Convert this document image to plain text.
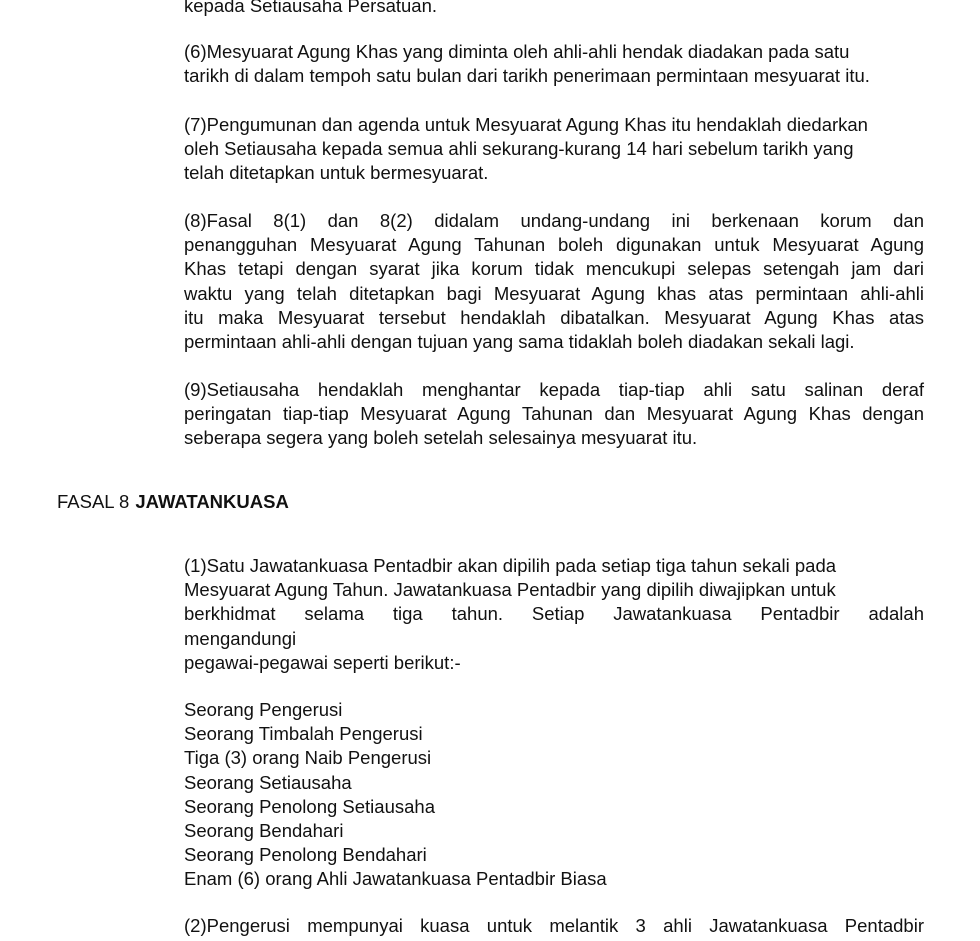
kepada Setiausaha Persatuan.
(6)Mesyuarat Agung Khas yang diminta oleh ahli-ahli hendak diadakan pada satu
tarikh di dalam tempoh satu bulan dari tarikh penerimaan permintaan mesyuarat itu.
(7)Pengumunan dan agenda untuk Mesyuarat Agung Khas itu hendaklah diedarkan
oleh Setiausaha kepada semua ahli sekurang-kurang 14 hari sebelum tarikh yang
telah ditetapkan untuk bermesyuarat.
(8)Fasal 8(1) dan 8(2) didalam undang-undang ini berkenaan korum dan
penangguhan Mesyuarat Agung Tahunan boleh digunakan untuk Mesyuarat Agung
Khas tetapi dengan syarat jika korum tidak mencukupi selepas setengah jam dari
waktu yang telah ditetapkan bagi Mesyuarat Agung khas atas permintaan ahli-ahli
itu maka Mesyuarat tersebut hendaklah dibatalkan. Mesyuarat Agung Khas atas
permintaan ahli-ahli dengan tujuan yang sama tidaklah boleh diadakan sekali lagi.
(9)Setiausaha hendaklah menghantar kepada tiap-tiap ahli satu salinan deraf
peringatan tiap-tiap Mesyuarat Agung Tahunan dan Mesyuarat Agung Khas dengan
seberapa segera yang boleh setelah selesainya mesyuarat itu.
FASAL 8 JAWATANKUASA
(1)Satu Jawatankuasa Pentadbir akan dipilih pada setiap tiga tahun sekali pada
Mesyuarat Agung Tahun. Jawatankuasa Pentadbir yang dipilih diwajipkan untuk
berkhidmat selama tiga tahun. Setiap Jawatankuasa Pentadbir adalah
mengandungi
pegawai-pegawai seperti berikut:-
Seorang Pengerusi
Seorang Timbalah Pengerusi
Tiga (3) orang Naib Pengerusi
Seorang Setiausaha
Seorang Penolong Setiausaha
Seorang Bendahari
Seorang Penolong Bendahari
Enam (6) orang Ahli Jawatankuasa Pentadbir Biasa
(2)Pengerusi mempunyai kuasa untuk melantik 3 ahli Jawatankuasa Pentadbir
